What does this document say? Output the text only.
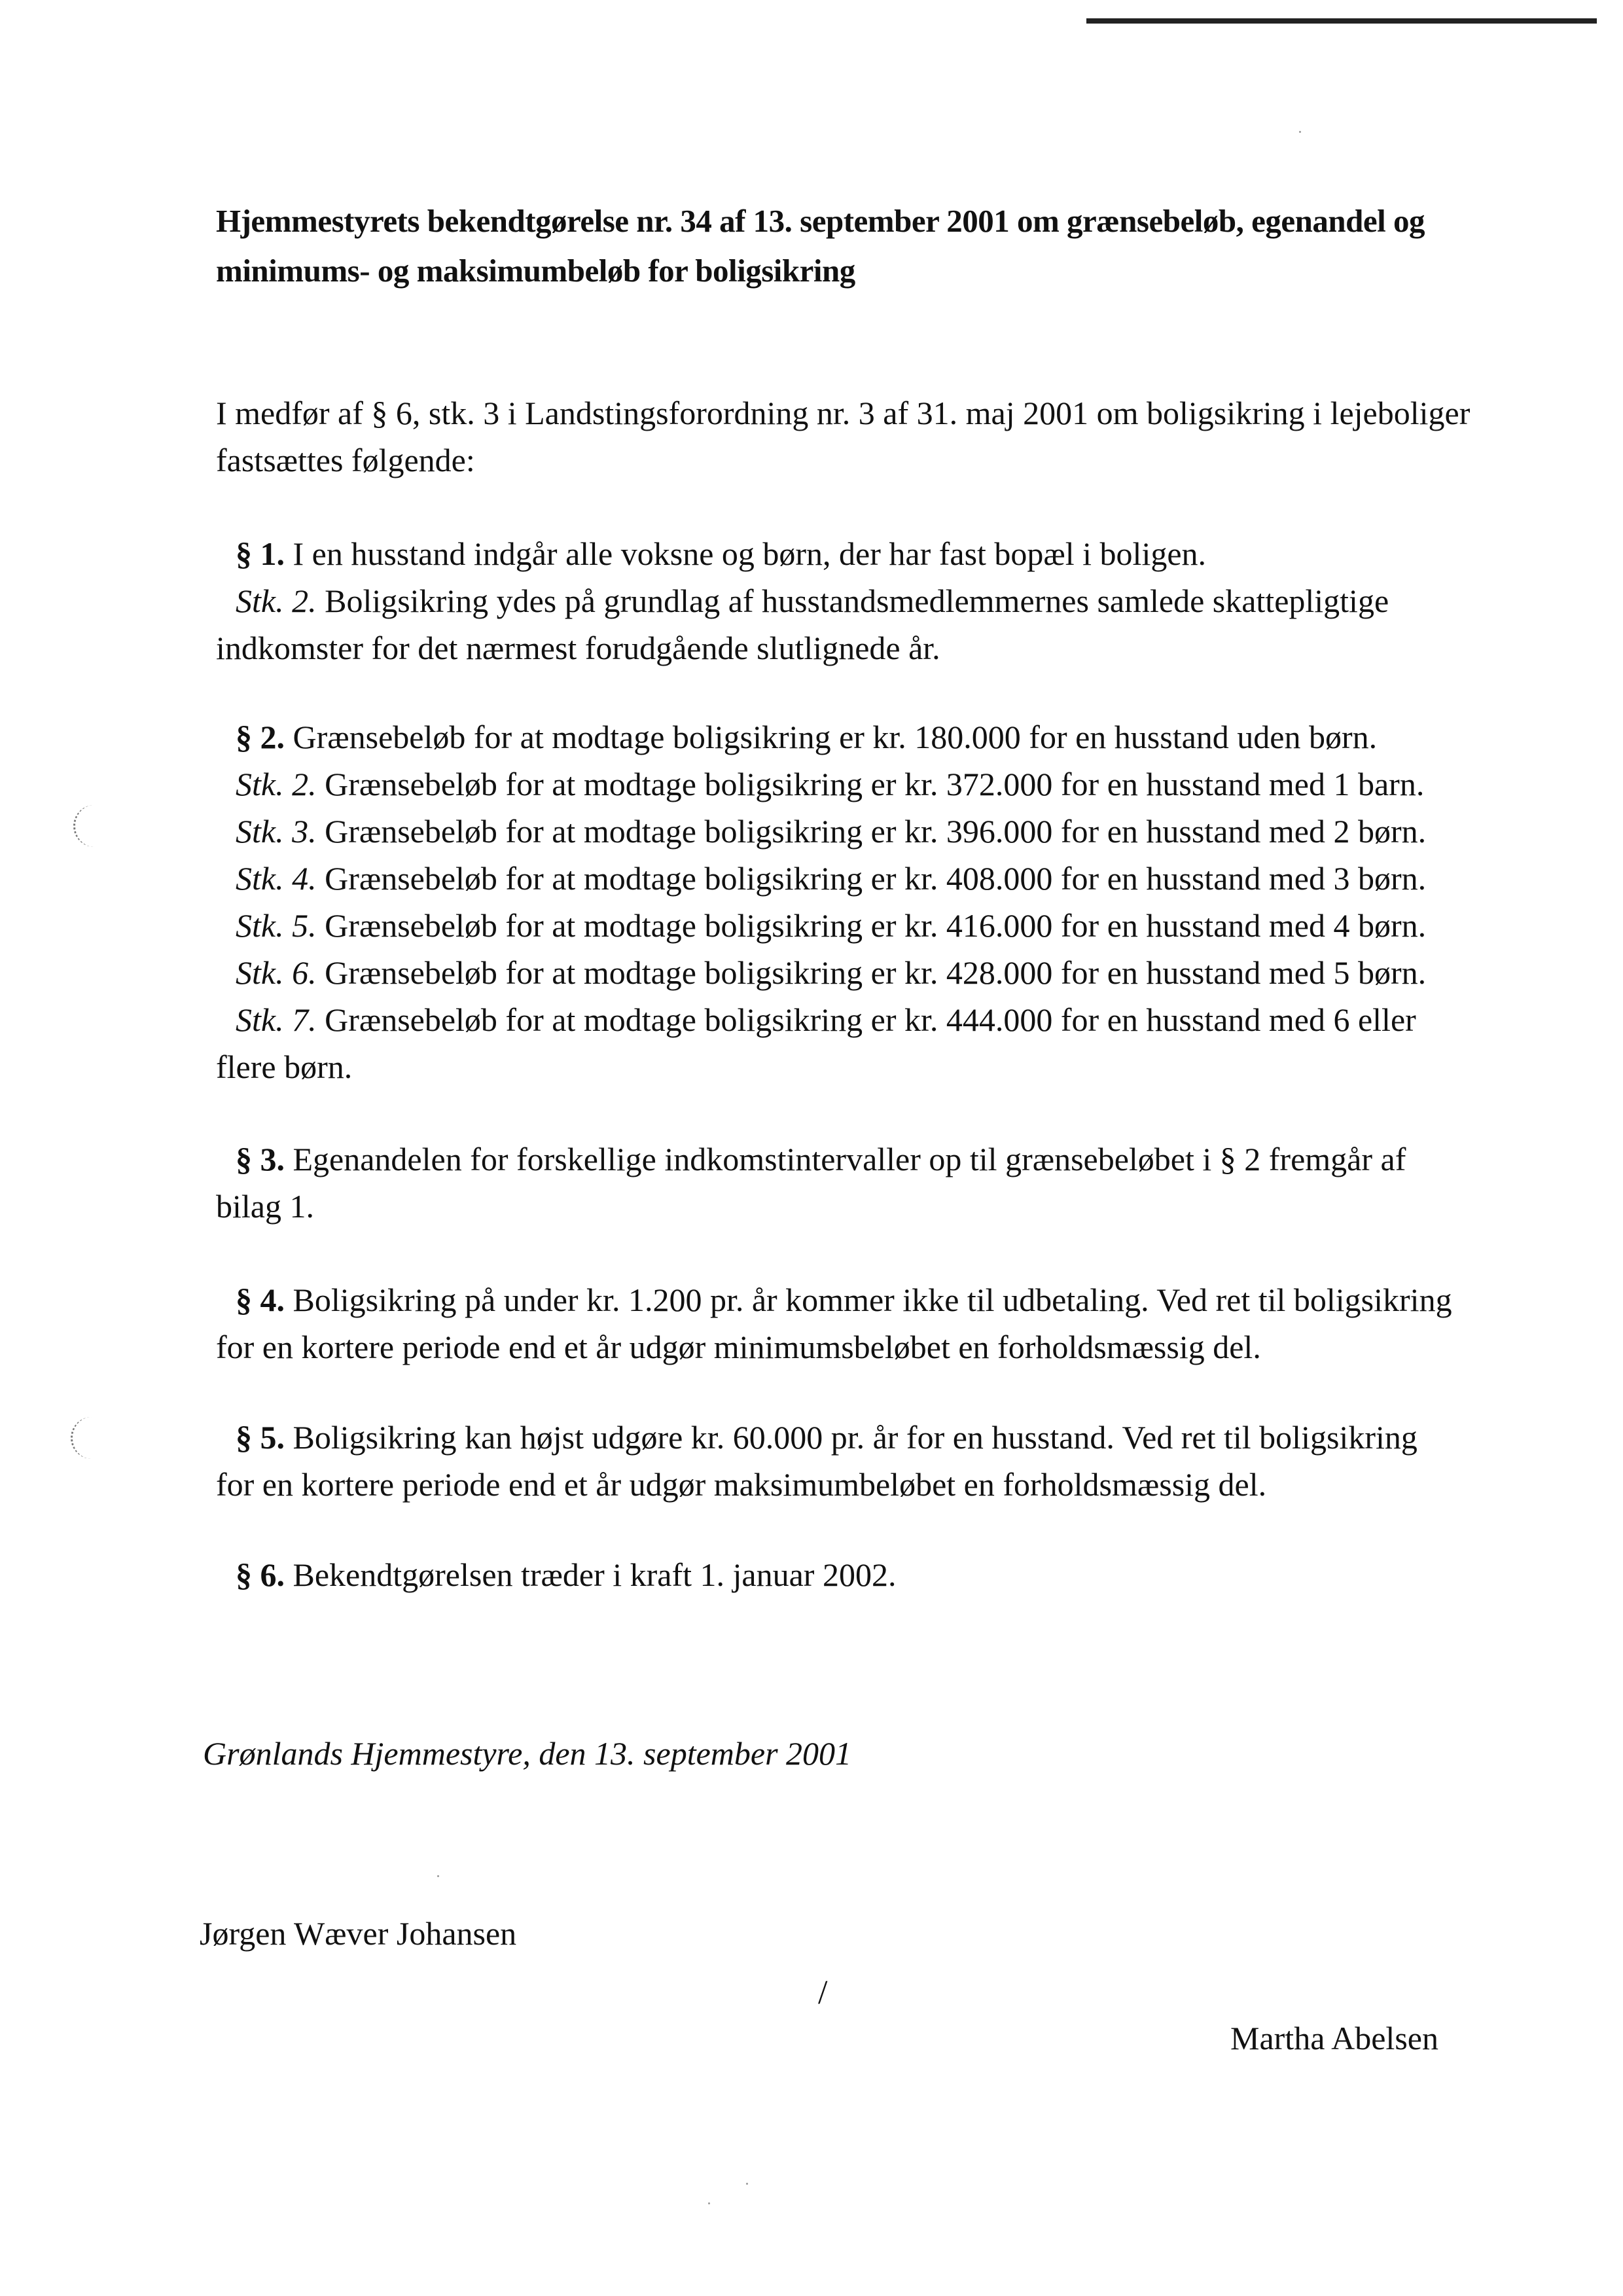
Hjemmestyrets bekendtgørelse nr. 34 af 13. september 2001 om grænsebeløb, egenandel og minimums- og maksimumbeløb for boligsikring
I medfør af § 6, stk. 3 i Landstingsforordning nr. 3 af 31. maj 2001 om boligsikring i lejeboliger fastsættes følgende:
§ 1. I en husstand indgår alle voksne og børn, der har fast bopæl i boligen.
Stk. 2. Boligsikring ydes på grundlag af husstandsmedlemmernes samlede skattepligtige indkomster for det nærmest forudgående slutlignede år.
§ 2. Grænsebeløb for at modtage boligsikring er kr. 180.000 for en husstand uden børn.
Stk. 2. Grænsebeløb for at modtage boligsikring er kr. 372.000 for en husstand med 1 barn.
Stk. 3. Grænsebeløb for at modtage boligsikring er kr. 396.000 for en husstand med 2 børn.
Stk. 4. Grænsebeløb for at modtage boligsikring er kr. 408.000 for en husstand med 3 børn.
Stk. 5. Grænsebeløb for at modtage boligsikring er kr. 416.000 for en husstand med 4 børn.
Stk. 6. Grænsebeløb for at modtage boligsikring er kr. 428.000 for en husstand med 5 børn.
Stk. 7. Grænsebeløb for at modtage boligsikring er kr. 444.000 for en husstand med 6 eller flere børn.
§ 3. Egenandelen for forskellige indkomstintervaller op til grænsebeløbet i § 2 fremgår af bilag 1.
§ 4. Boligsikring på under kr. 1.200 pr. år kommer ikke til udbetaling. Ved ret til boligsikring for en kortere periode end et år udgør minimumsbeløbet en forholdsmæssig del.
§ 5. Boligsikring kan højst udgøre kr. 60.000 pr. år for en husstand. Ved ret til boligsikring for en kortere periode end et år udgør maksimumbeløbet en forholdsmæssig del.
§ 6. Bekendtgørelsen træder i kraft 1. januar 2002.
Grønlands Hjemmestyre, den 13. september 2001
Jørgen Wæver Johansen
/
Martha Abelsen
